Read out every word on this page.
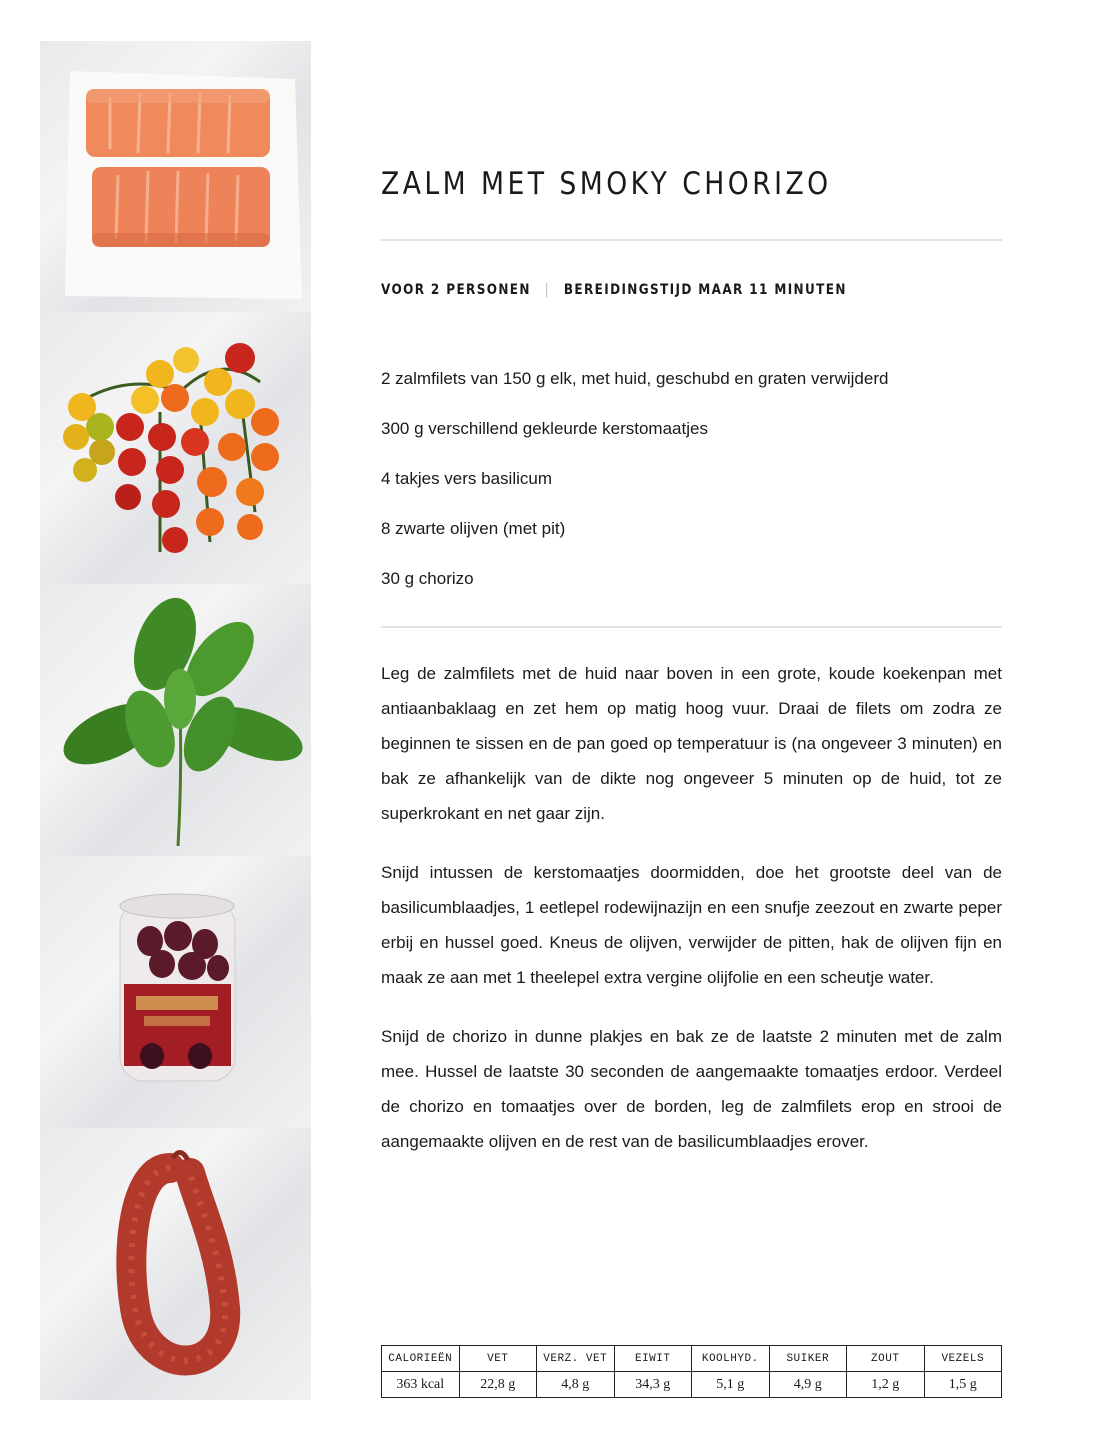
ZALM MET SMOKY CHORIZO
VOOR 2 PERSONEN | BEREIDINGSTIJD MAAR 11 MINUTEN
2 zalmfilets van 150 g elk, met huid, geschubd en graten verwijderd
300 g verschillend gekleurde kerstomaatjes
4 takjes vers basilicum
8 zwarte olijven (met pit)
30 g chorizo

Leg de zalmfilets met de huid naar boven in een grote, koude koekenpan met antiaanbaklaag en zet hem op matig hoog vuur. Draai de filets om zodra ze beginnen te sissen en de pan goed op temperatuur is (na ongeveer 3 minuten) en bak ze afhankelijk van de dikte nog ongeveer 5 minuten op de huid, tot ze superkrokant en net gaar zijn.

Snijd intussen de kerstomaatjes doormidden, doe het grootste deel van de basilicumblaadjes, 1 eetlepel rodewijnazijn en een snufje zeezout en zwarte peper erbij en hussel goed. Kneus de olijven, verwijder de pitten, hak de olijven fijn en maak ze aan met 1 theelepel extra vergine olijfolie en een scheutje water.

Snijd de chorizo in dunne plakjes en bak ze de laatste 2 minuten met de zalm mee. Hussel de laatste 30 seconden de aangemaakte tomaatjes erdoor. Verdeel de chorizo en tomaatjes over de borden, leg de zalmfilets erop en strooi de aangemaakte olijven en de rest van de basilicumblaadjes erover.

CALORIEËN	VET	VERZ. VET	EIWIT	KOOLHYD.	SUIKER	ZOUT	VEZELS
363 kcal	22,8 g	4,8 g	34,3 g	5,1 g	4,9 g	1,2 g	1,5 g
